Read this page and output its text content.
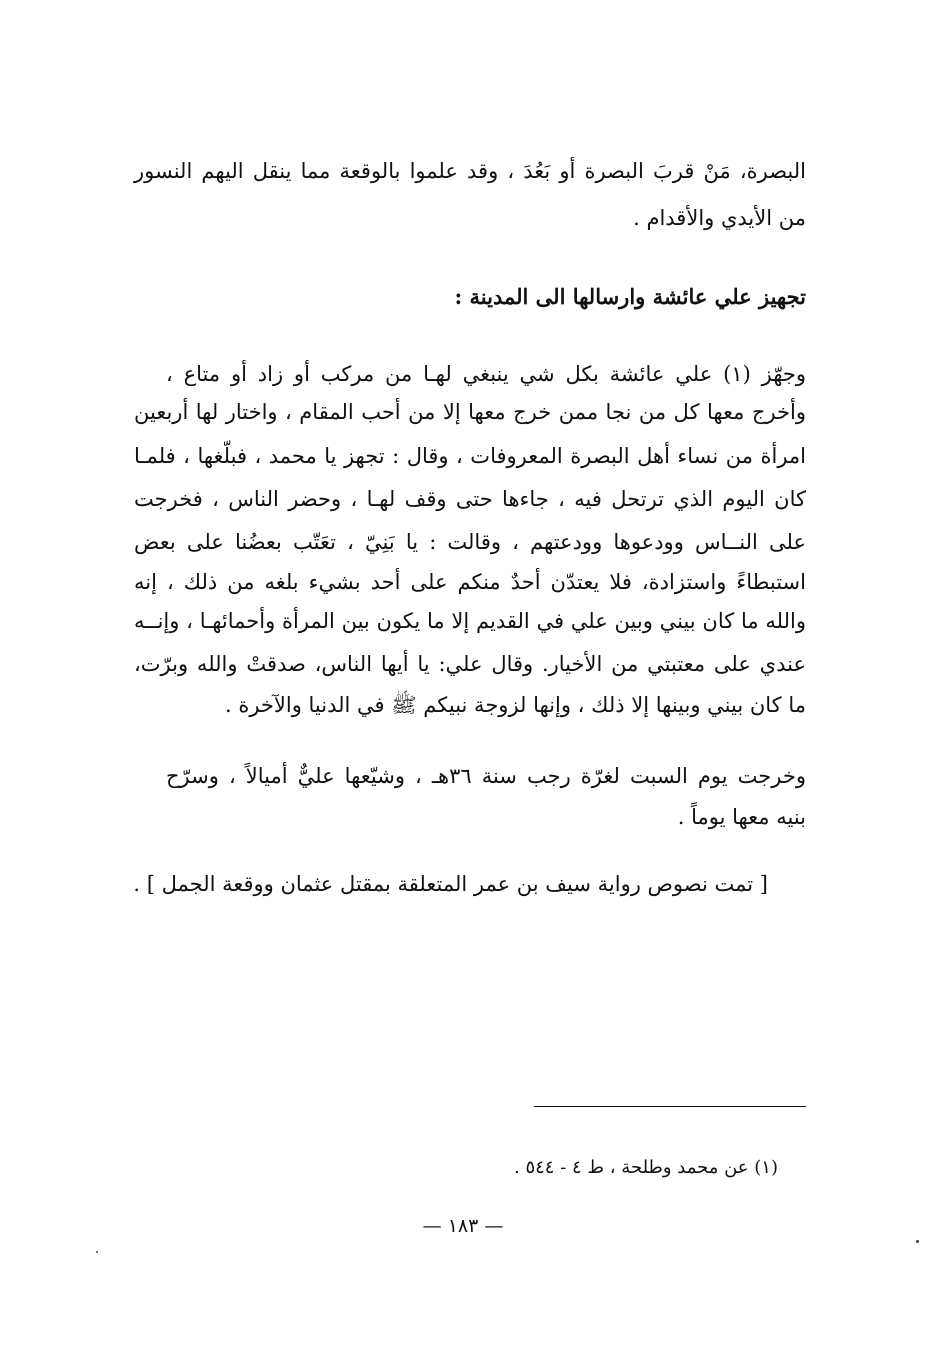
البصرة، مَنْ قربَ البصرة أو بَعُدَ ، وقد علموا بالوقعة مما ينقل اليهم النسور
من الأيدي والأقدام .
تجهيز علي عائشة وارسالها الى المدينة :
وجهّز (١) علي عائشة بكل شي ينبغي لهـا من مركب أو زاد أو متاع ،
وأخرج معها كل من نجا ممن خرج معها إلا من أحب المقام ، واختار لها أربعين
امرأة من نساء أهل البصرة المعروفات ، وقال : تجهز يا محمد ، فبلّغها ، فلمـا
كان اليوم الذي ترتحل فيه ، جاءها حتى وقف لهـا ، وحضر الناس ، فخرجت
على النــاس وودعوها وودعتهم ، وقالت : يا بَنِيّ ، تعَتّب بعضُنا على بعض
استبطاءً واستزادة، فلا يعتدّن أحدٌ منكم على أحد بشيء بلغه من ذلك ، إنه
والله ما كان بيني وبين علي في القديم إلا ما يكون بين المرأة وأحمائهـا ، وإنــه
عندي على معتبتي من الأخيار. وقال علي: يا أيها الناس، صدقتْ والله وبرّت،
ما كان بيني وبينها إلا ذلك ، وإنها لزوجة نبيكم ﷺ في الدنيا والآخرة .
وخرجت يوم السبت لغرّة رجب سنة ٣٦هـ ، وشيّعها عليٌّ أميالاً ، وسرّح
بنيه معها يوماً .
[ تمت نصوص رواية سيف بن عمر المتعلقة بمقتل عثمان ووقعة الجمل ] .
(١) عن محمد وطلحة ، ط ٤ - ٥٤٤ .
— ١٨٣ —
